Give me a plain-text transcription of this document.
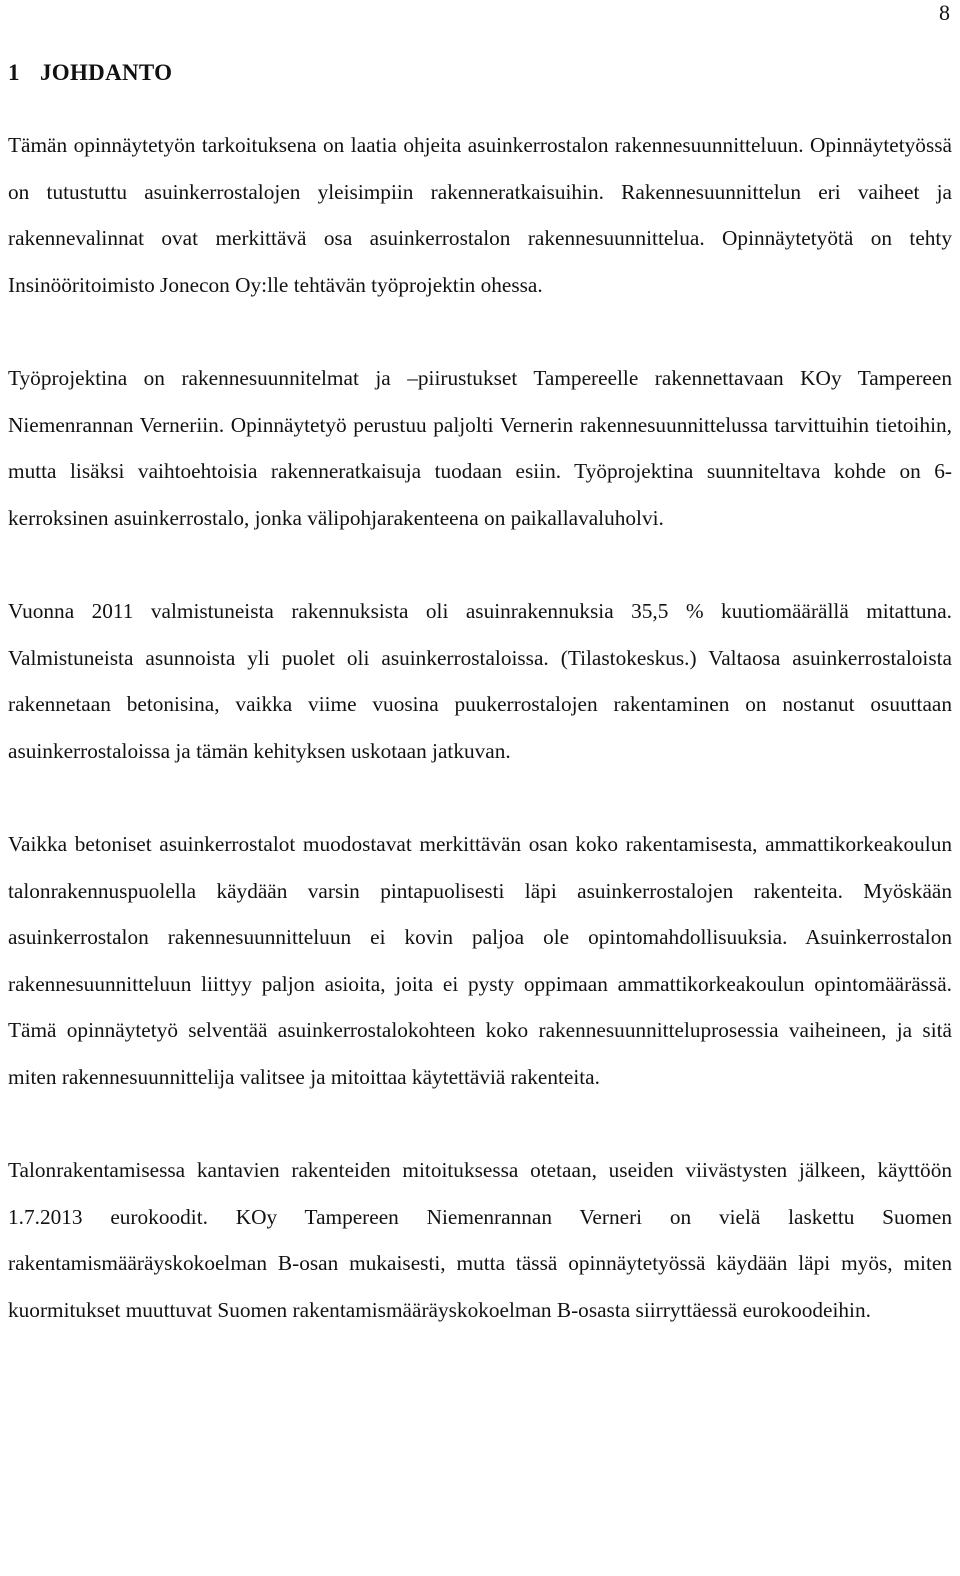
8
1 JOHDANTO

Tämän opinnäytetyön tarkoituksena on laatia ohjeita asuinkerrostalon rakennesuunnitteluun. Opinnäytetyössä on tutustuttu asuinkerrostalojen yleisimpiin rakenneratkaisuihin. Rakennesuunnittelun eri vaiheet ja rakennevalinnat ovat merkittävä osa asuinkerrostalon rakennesuunnittelua. Opinnäytetyötä on tehty Insinööritoimisto Jonecon Oy:lle tehtävän työprojektin ohessa.

Työprojektina on rakennesuunnitelmat ja –piirustukset Tampereelle rakennettavaan KOy Tampereen Niemenrannan Verneriin. Opinnäytetyö perustuu paljolti Vernerin rakennesuunnittelussa tarvittuihin tietoihin, mutta lisäksi vaihtoehtoisia rakenneratkaisuja tuodaan esiin. Työprojektina suunniteltava kohde on 6-kerroksinen asuinkerrostalo, jonka välipohjarakenteena on paikallavaluholvi.

Vuonna 2011 valmistuneista rakennuksista oli asuinrakennuksia 35,5 % kuutiomäärällä mitattuna. Valmistuneista asunnoista yli puolet oli asuinkerrostaloissa. (Tilastokeskus.) Valtaosa asuinkerrostaloista rakennetaan betonisina, vaikka viime vuosina puukerrostalojen rakentaminen on nostanut osuuttaan asuinkerrostaloissa ja tämän kehityksen uskotaan jatkuvan.

Vaikka betoniset asuinkerrostalot muodostavat merkittävän osan koko rakentamisesta, ammattikorkeakoulun talonrakennuspuolella käydään varsin pintapuolisesti läpi asuinkerrostalojen rakenteita. Myöskään asuinkerrostalon rakennesuunnitteluun ei kovin paljoa ole opintomahdollisuuksia. Asuinkerrostalon rakennesuunnitteluun liittyy paljon asioita, joita ei pysty oppimaan ammattikorkeakoulun opintomäärässä. Tämä opinnäytetyö selventää asuinkerrostalokohteen koko rakennesuunnitteluprosessia vaiheineen, ja sitä miten rakennesuunnittelija valitsee ja mitoittaa käytettäviä rakenteita.

Talonrakentamisessa kantavien rakenteiden mitoituksessa otetaan, useiden viivästysten jälkeen, käyttöön 1.7.2013 eurokoodit. KOy Tampereen Niemenrannan Verneri on vielä laskettu Suomen rakentamismääräyskokoelman B-osan mukaisesti, mutta tässä opinnäytetyössä käydään läpi myös, miten kuormitukset muuttuvat Suomen rakentamismääräyskokoelman B-osasta siirryttäessä eurokoodeihin.
